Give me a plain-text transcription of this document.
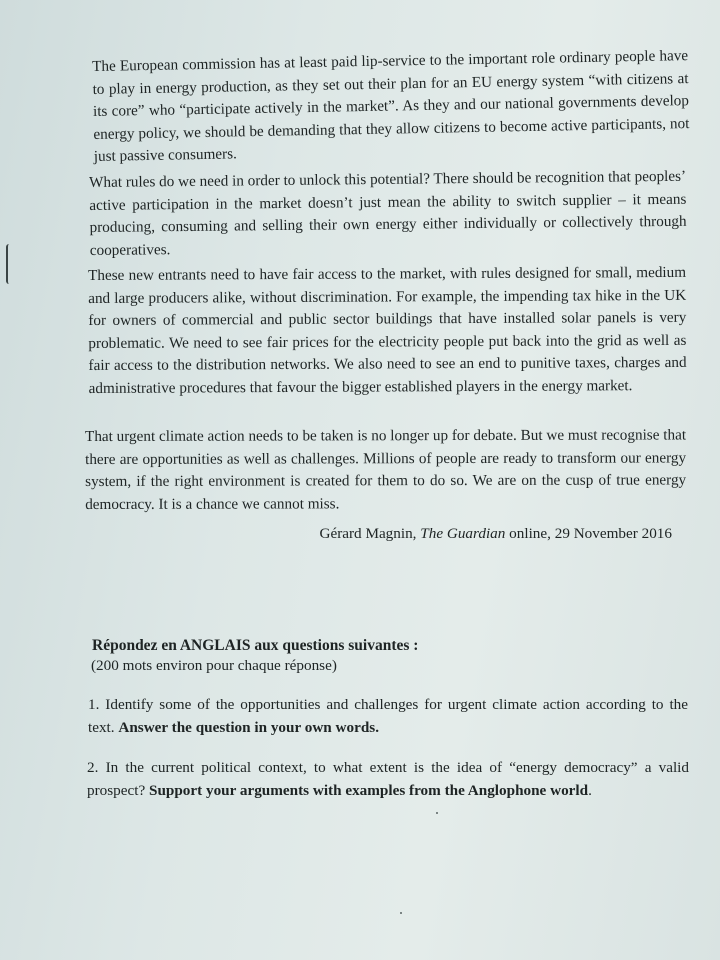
The European commission has at least paid lip-service to the important role ordinary people have to play in energy production, as they set out their plan for an EU energy system “with citizens at its core” who “participate actively in the market”. As they and our national governments develop energy policy, we should be demanding that they allow citizens to become active participants, not just passive consumers.

What rules do we need in order to unlock this potential? There should be recognition that peoples’ active participation in the market doesn’t just mean the ability to switch supplier – it means producing, consuming and selling their own energy either individually or collectively through cooperatives.

These new entrants need to have fair access to the market, with rules designed for small, medium and large producers alike, without discrimination. For example, the impending tax hike in the UK for owners of commercial and public sector buildings that have installed solar panels is very problematic. We need to see fair prices for the electricity people put back into the grid as well as fair access to the distribution networks. We also need to see an end to punitive taxes, charges and administrative procedures that favour the bigger established players in the energy market.

That urgent climate action needs to be taken is no longer up for debate. But we must recognise that there are opportunities as well as challenges. Millions of people are ready to transform our energy system, if the right environment is created for them to do so. We are on the cusp of true energy democracy. It is a chance we cannot miss.

Gérard Magnin, The Guardian online, 29 November 2016
Répondez en ANGLAIS aux questions suivantes :
(200 mots environ pour chaque réponse)

1. Identify some of the opportunities and challenges for urgent climate action according to the text. Answer the question in your own words.

2. In the current political context, to what extent is the idea of “energy democracy” a valid prospect? Support your arguments with examples from the Anglophone world.
